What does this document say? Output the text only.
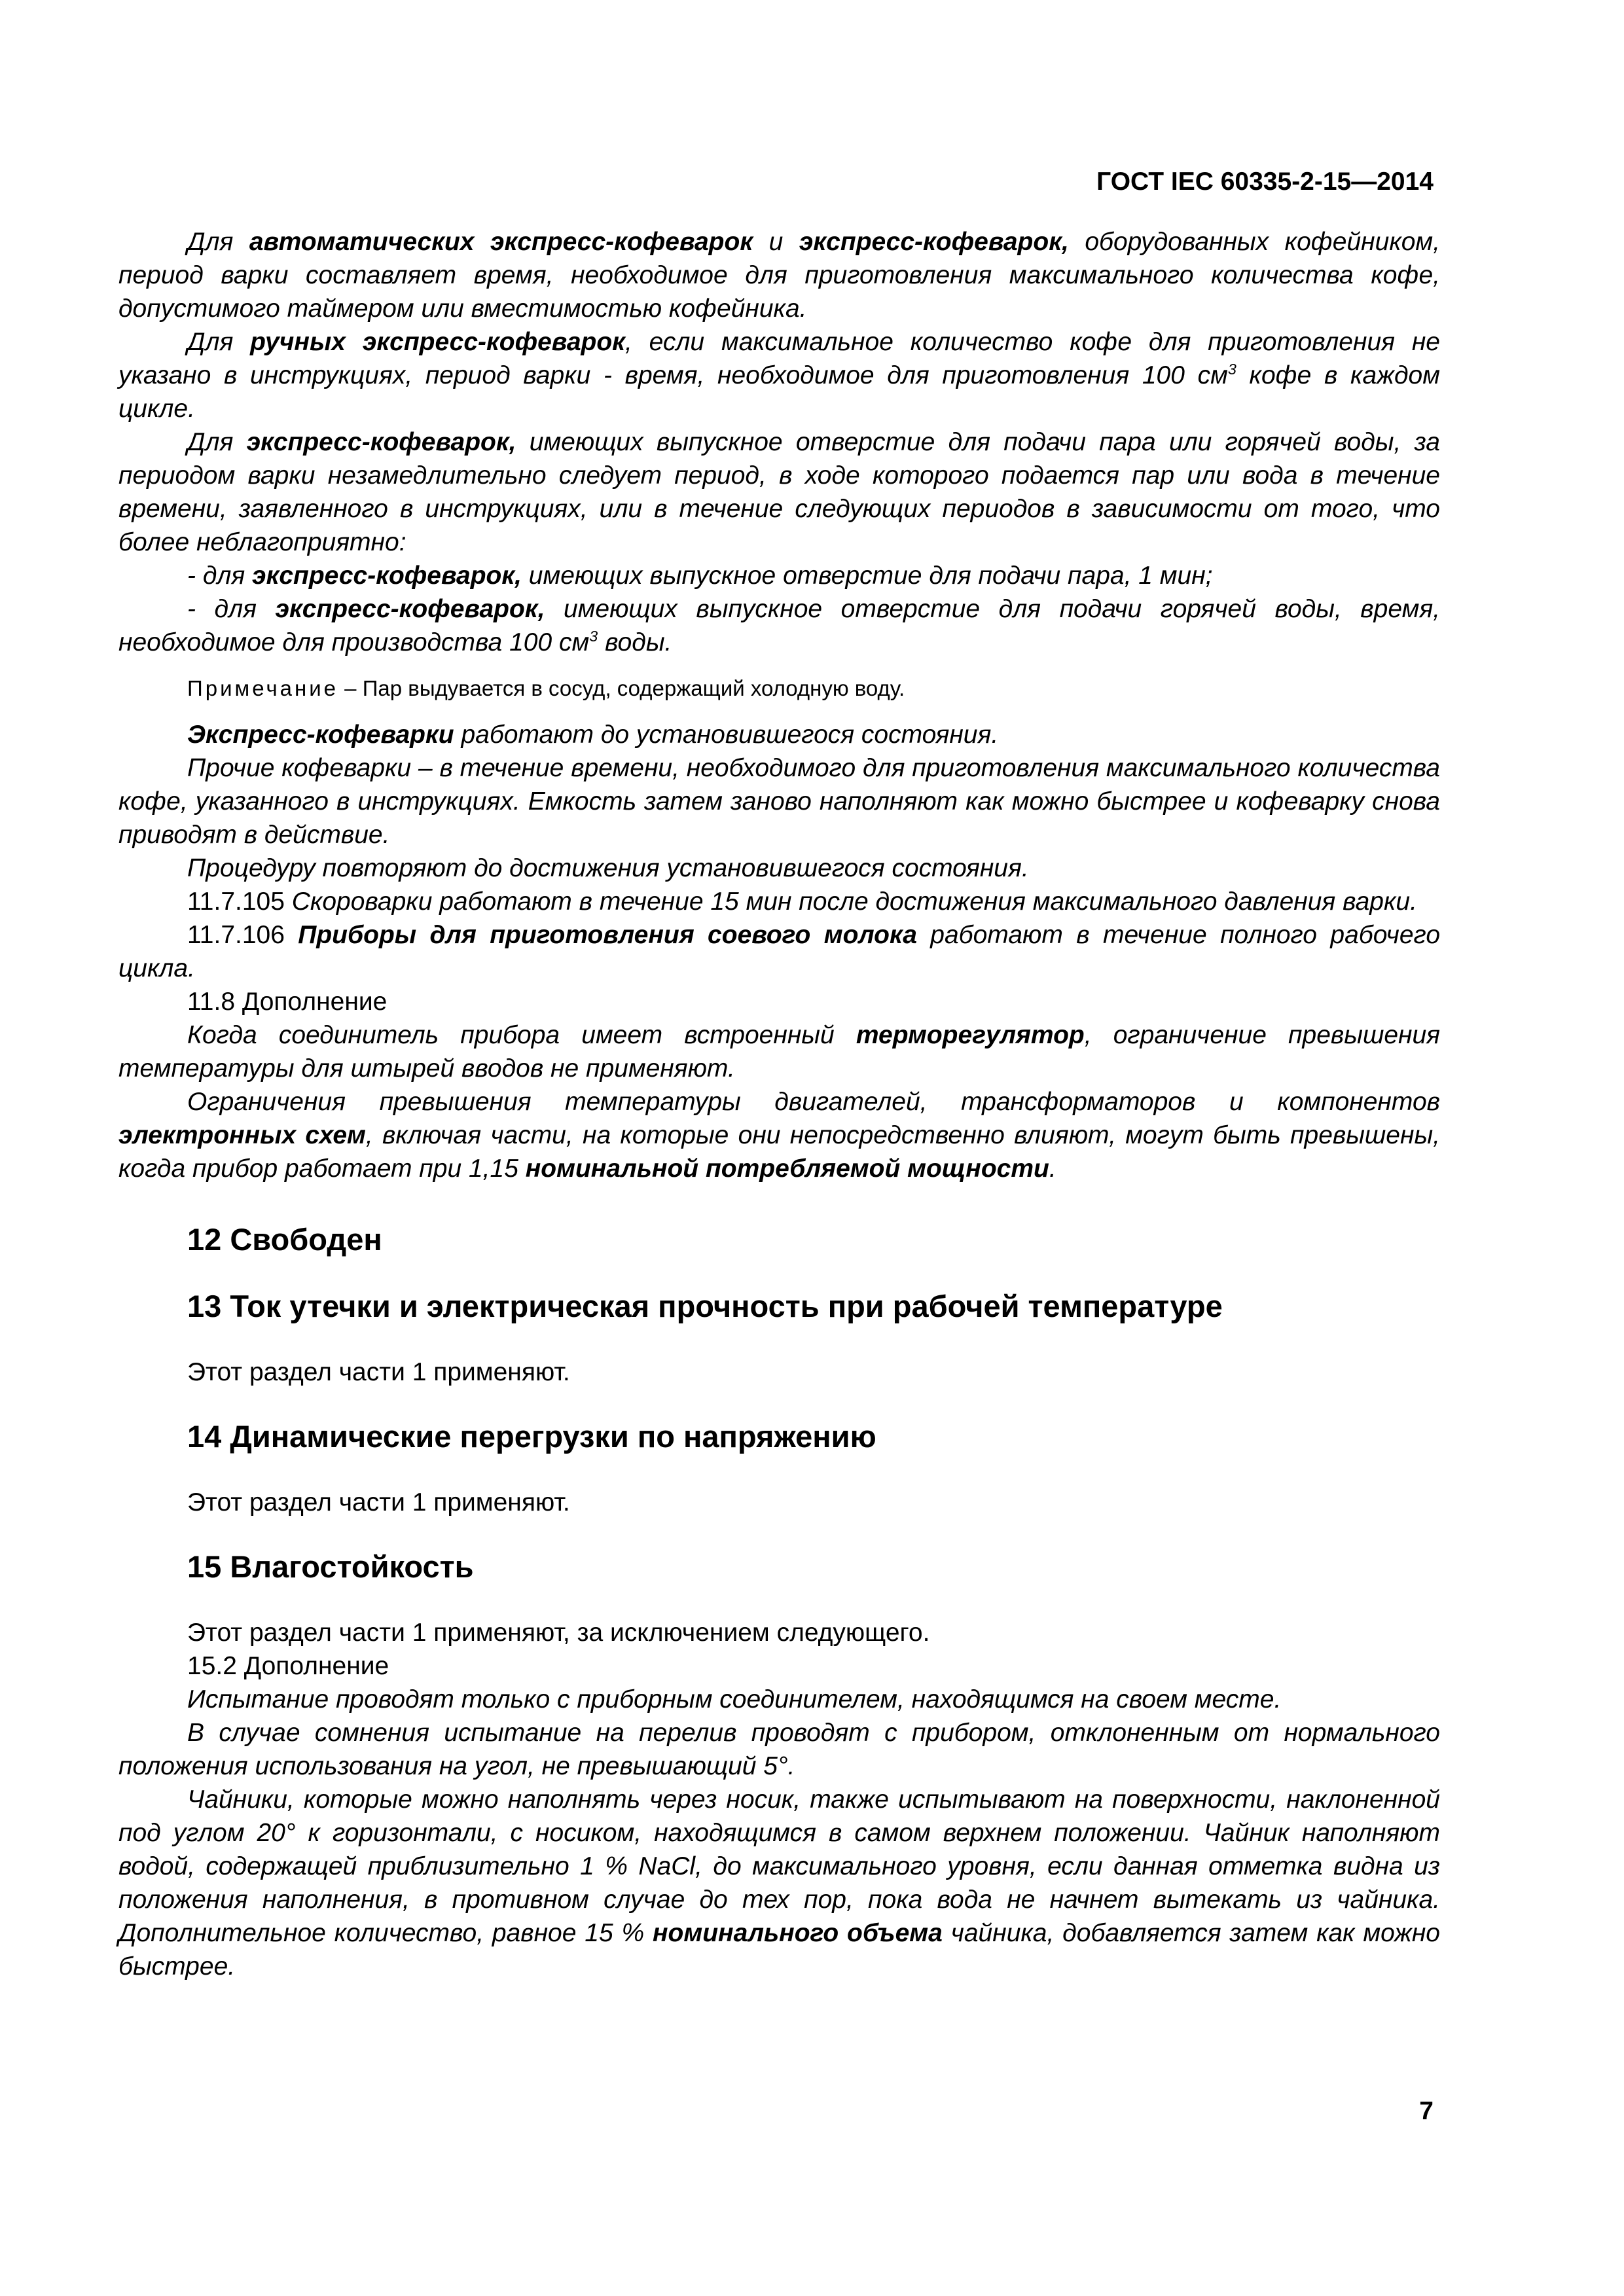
ГОСТ IEC 60335-2-15—2014

Для автоматических экспресс-кофеварок и экспресс-кофеварок, оборудованных кофейником, период варки составляет время, необходимое для приготовления максимального количества кофе, допустимого таймером или вместимостью кофейника.

Для ручных экспресс-кофеварок, если максимальное количество кофе для приготовления не указано в инструкциях, период варки - время, необходимое для приготовления 100 $см^3$ кофе в каждом цикле.

Для экспресс-кофеварок, имеющих выпускное отверстие для подачи пара или горячей воды, за периодом варки незамедлительно следует период, в ходе которого подается пар или вода в течение времени, заявленного в инструкциях, или в течение следующих периодов в зависимости от того, что более неблагоприятно:

- для экспресс-кофеварок, имеющих выпускное отверстие для подачи пара, 1 мин;

- для экспресс-кофеварок, имеющих выпускное отверстие для подачи горячей воды, время, необходимое для производства 100 $см^3$ воды.

Примечание – Пар выдувается в сосуд, содержащий холодную воду.

Экспресс-кофеварки работают до установившегося состояния.

Прочие кофеварки – в течение времени, необходимого для приготовления максимального количества кофе, указанного в инструкциях. Емкость затем заново наполняют как можно быстрее и кофеварку снова приводят в действие.

Процедуру повторяют до достижения установившегося состояния.

11.7.105 Скороварки работают в течение 15 мин после достижения максимального давления варки.

11.7.106 Приборы для приготовления соевого молока работают в течение полного рабочего цикла.

11.8 Дополнение

Когда соединитель прибора имеет встроенный терморегулятор, ограничение превышения температуры для штырей вводов не применяют.

Ограничения превышения температуры двигателей, трансформаторов и компонентов электронных схем, включая части, на которые они непосредственно влияют, могут быть превышены, когда прибор работает при 1,15 номинальной потребляемой мощности.

12 Свободен
13 Ток утечки и электрическая прочность при рабочей температуре

Этот раздел части 1 применяют.

14 Динамические перегрузки по напряжению

Этот раздел части 1 применяют.

15 Влагостойкость

Этот раздел части 1 применяют, за исключением следующего.

15.2 Дополнение

Испытание проводят только с приборным соединителем, находящимся на своем месте.

В случае сомнения испытание на перелив проводят с прибором, отклоненным от нормального положения использования на угол, не превышающий 5°.

Чайники, которые можно наполнять через носик, также испытывают на поверхности, наклоненной под углом 20° к горизонтали, с носиком, находящимся в самом верхнем положении. Чайник наполняют водой, содержащей приблизительно 1 % NaCl, до максимального уровня, если данная отметка видна из положения наполнения, в противном случае до тех пор, пока вода не начнет вытекать из чайника. Дополнительное количество, равное 15 % номинального объема чайника, добавляется затем как можно быстрее.

7
